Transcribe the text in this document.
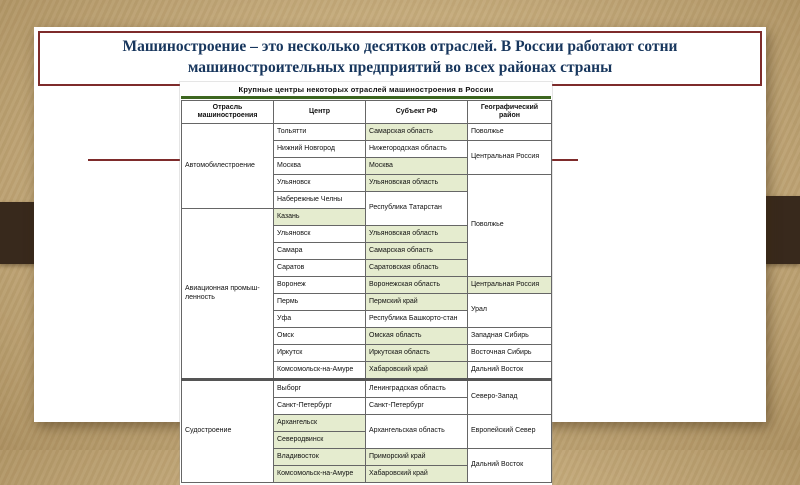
Машиностроение – это несколько десятков отраслей. В России работают сотни машиностроительных предприятий во всех районах страны
Крупные центры некоторых отраслей машиностроения в России
Отрасль машиностроения	Центр	Субъект РФ	Географический район
Автомобилестроение	Тольятти	Самарская область	Поволжье
	Нижний Новгород	Нижегородская область	Центральная Россия
	Москва	Москва	
	Ульяновск	Ульяновская область	Поволжье
	Набережные Челны	Республика Татарстан	
Авиационная промыш-ленность	Казань		
	Ульяновск	Ульяновская область	
	Самара	Самарская область	
	Саратов	Саратовская область	
	Воронеж	Воронежская область	Центральная Россия
	Пермь	Пермский край	Урал
	Уфа	Республика Башкорто-стан	
	Омск	Омская область	Западная Сибирь
	Иркутск	Иркутская область	Восточная Сибирь
	Комсомольск-на-Амуре	Хабаровский край	Дальний Восток
Судостроение	Выборг	Ленинградская область	Северо-Запад
	Санкт-Петербург	Санкт-Петербург	
	Архангельск	Архангельская область	Европейский Север
	Северодвинск		
	Владивосток	Приморский край	Дальний Восток
	Комсомольск-на-Амуре	Хабаровский край	
